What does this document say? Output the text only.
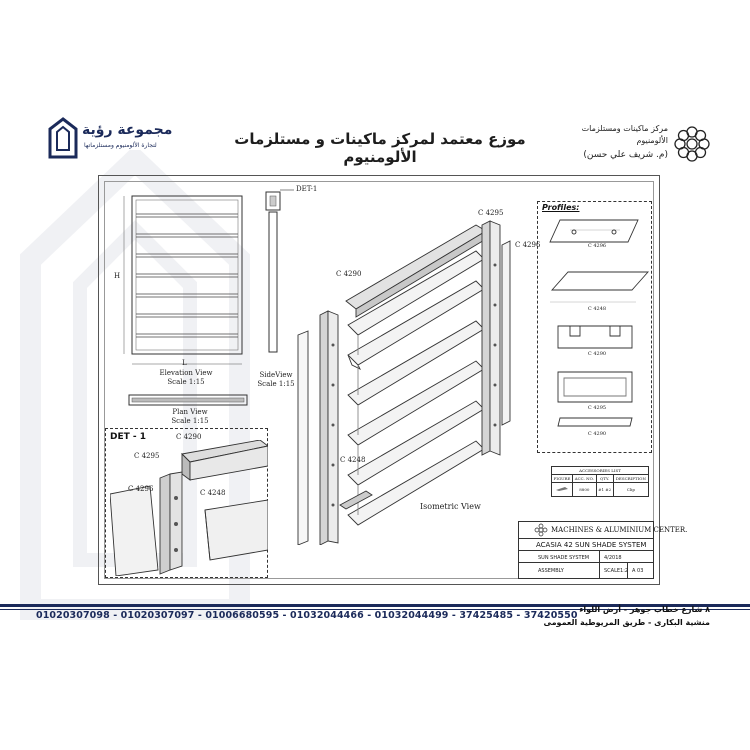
مجموعة رؤية
لتجارة الألومنيوم ومستلزماتها	موزع معتمد لمركز ماكينات و مستلزمات الألومنيوم
مركز ماكينات ومستلزمات
الألومنيوم
(م. شريف علي حسن)
H
L
Elevation View
Scale 1:15
Plan View
Scale 1:15
DET-1
SideView
Scale 1:15
DET - 1	C 4290
C 4295
C 4296	C 4248
C 4295
C 4296
C 4290
C 4248
Isometric View
Profiles:
C 4296
C 4248
C 4290
C 4295
C 4290
ACCESSORIES LIST			
FIGURE	ACC. NO.	QTY.	DESCRIPTION
	8800	#1 #2	Clip
MACHINES & ALUMINIUM CENTER.
ACASIA 42 SUN SHADE SYSTEM
SUN SHADE SYSTEM	4/2018
ASSEMBLY	SCALE1:2 A 03
01020307098 - 01020307097 - 01006680595 - 01032044466 - 01032044499 - 37425485 - 37420550
٨ شارع خطاب جوهر - أرض اللواء
منشية البكارى - طريق المريوطية العمومى
